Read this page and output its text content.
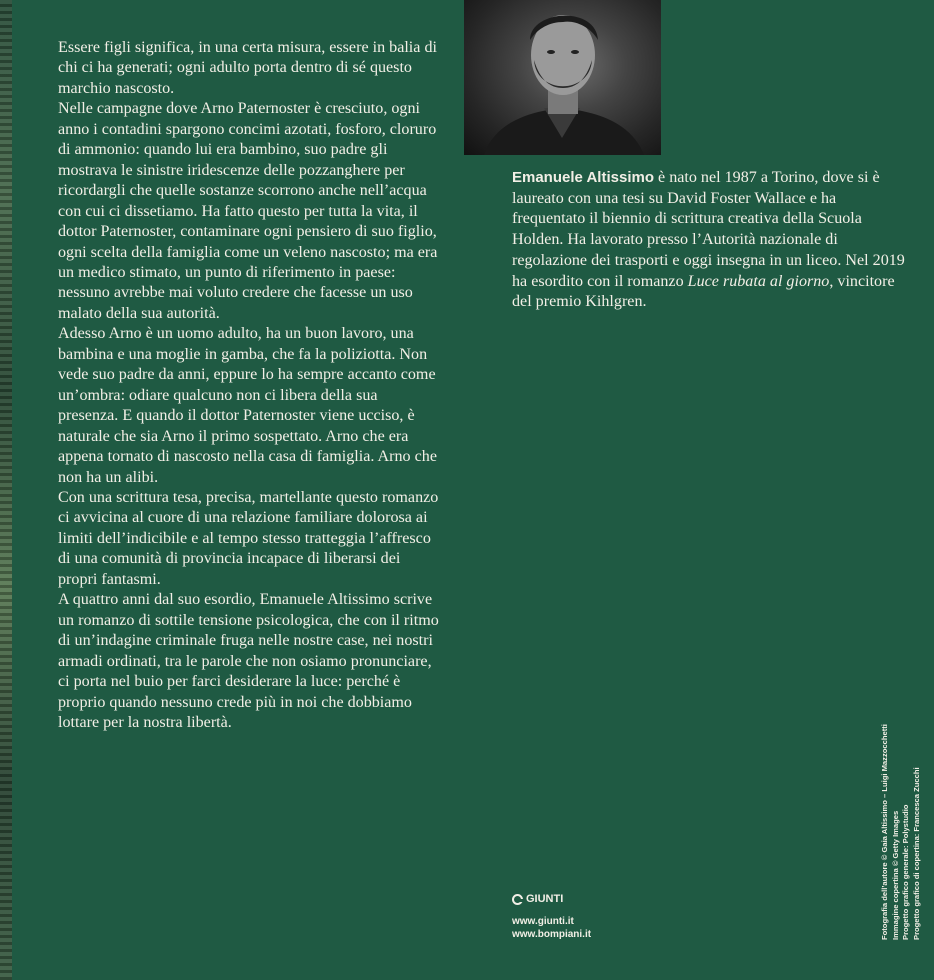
Essere figli significa, in una certa misura, essere in balia di chi ci ha generati; ogni adulto porta dentro di sé questo marchio nascosto.

Nelle campagne dove Arno Paternoster è cresciuto, ogni anno i contadini spargono concimi azotati, fosforo, cloruro di ammonio: quando lui era bambino, suo padre gli mostrava le sinistre iridescenze delle pozzanghere per ricordargli che quelle sostanze scorrono anche nell’acqua con cui ci dissetiamo. Ha fatto questo per tutta la vita, il dottor Paternoster, contaminare ogni pensiero di suo figlio, ogni scelta della famiglia come un veleno nascosto; ma era un medico stimato, un punto di riferimento in paese: nessuno avrebbe mai voluto credere che facesse un uso malato della sua autorità.

Adesso Arno è un uomo adulto, ha un buon lavoro, una bambina e una moglie in gamba, che fa la poliziotta. Non vede suo padre da anni, eppure lo ha sempre accanto come un’ombra: odiare qualcuno non ci libera della sua presenza. E quando il dottor Paternoster viene ucciso, è naturale che sia Arno il primo sospettato. Arno che era appena tornato di nascosto nella casa di famiglia. Arno che non ha un alibi.

Con una scrittura tesa, precisa, martellante questo romanzo ci avvicina al cuore di una relazione familiare dolorosa ai limiti dell’indicibile e al tempo stesso tratteggia l’affresco di una comunità di provincia incapace di liberarsi dei propri fantasmi.

A quattro anni dal suo esordio, Emanuele Altissimo scrive un romanzo di sottile tensione psicologica, che con il ritmo di un’indagine criminale fruga nelle nostre case, nei nostri armadi ordinati, tra le parole che non osiamo pronunciare, ci porta nel buio per farci desiderare la luce: perché è proprio quando nessuno crede più in noi che dobbiamo lottare per la nostra libertà.

Emanuele Altissimo è nato nel 1987 a Torino, dove si è laureato con una tesi su David Foster Wallace e ha frequentato il biennio di scrittura creativa della Scuola Holden. Ha lavorato presso l’Autorità nazionale di regolazione dei trasporti e oggi insegna in un liceo. Nel 2019 ha esordito con il romanzo Luce rubata al giorno, vincitore del premio Kihlgren.

GIUNTI
www.giunti.it
www.bompiani.it	Fotografia dell’autore © Gaia Altissimo – Luigi Mazzocchetti Immagine copertina © Getty Images Progetto grafico generale: Polystudio Progetto grafico di copertina: Francesca Zucchi
